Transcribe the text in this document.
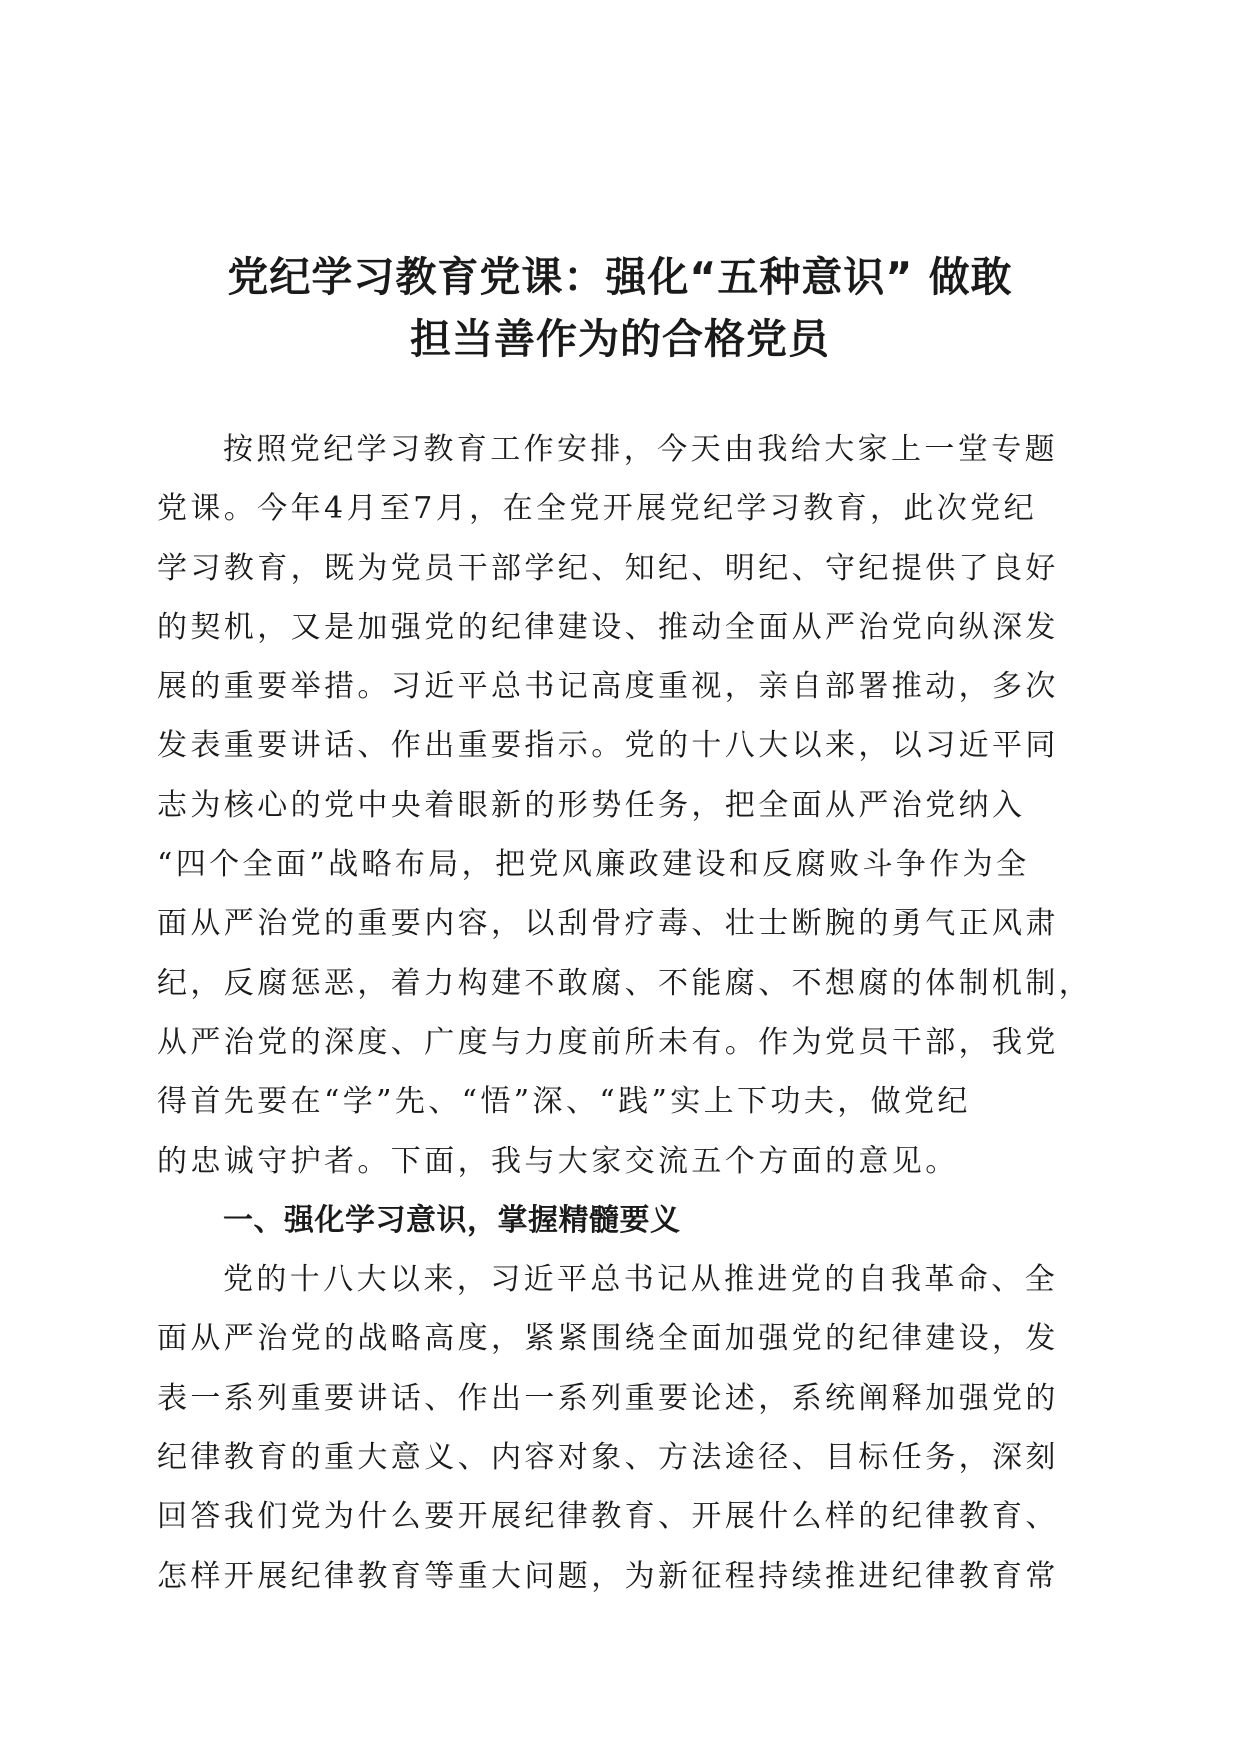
党纪学习教育党课：强化“五种意识” 做敢
担当善作为的合格党员
按照党纪学习教育工作安排，今天由我给大家上一堂专题
党课。今年4月至7月，在全党开展党纪学习教育，此次党纪
学习教育，既为党员干部学纪、知纪、明纪、守纪提供了良好
的契机，又是加强党的纪律建设、推动全面从严治党向纵深发
展的重要举措。习近平总书记高度重视，亲自部署推动，多次
发表重要讲话、作出重要指示。党的十八大以来，以习近平同
志为核心的党中央着眼新的形势任务，把全面从严治党纳入
“四个全面”战略布局，把党风廉政建设和反腐败斗争作为全
面从严治党的重要内容，以刮骨疗毒、壮士断腕的勇气正风肃
纪，反腐惩恶，着力构建不敢腐、不能腐、不想腐的体制机制，
从严治党的深度、广度与力度前所未有。作为党员干部，我党
得首先要在“学”先、“悟”深、“践”实上下功夫，做党纪
的忠诚守护者。下面，我与大家交流五个方面的意见。
一、强化学习意识，掌握精髓要义
党的十八大以来，习近平总书记从推进党的自我革命、全
面从严治党的战略高度，紧紧围绕全面加强党的纪律建设，发
表一系列重要讲话、作出一系列重要论述，系统阐释加强党的
纪律教育的重大意义、内容对象、方法途径、目标任务，深刻
回答我们党为什么要开展纪律教育、开展什么样的纪律教育、
怎样开展纪律教育等重大问题，为新征程持续推进纪律教育常
